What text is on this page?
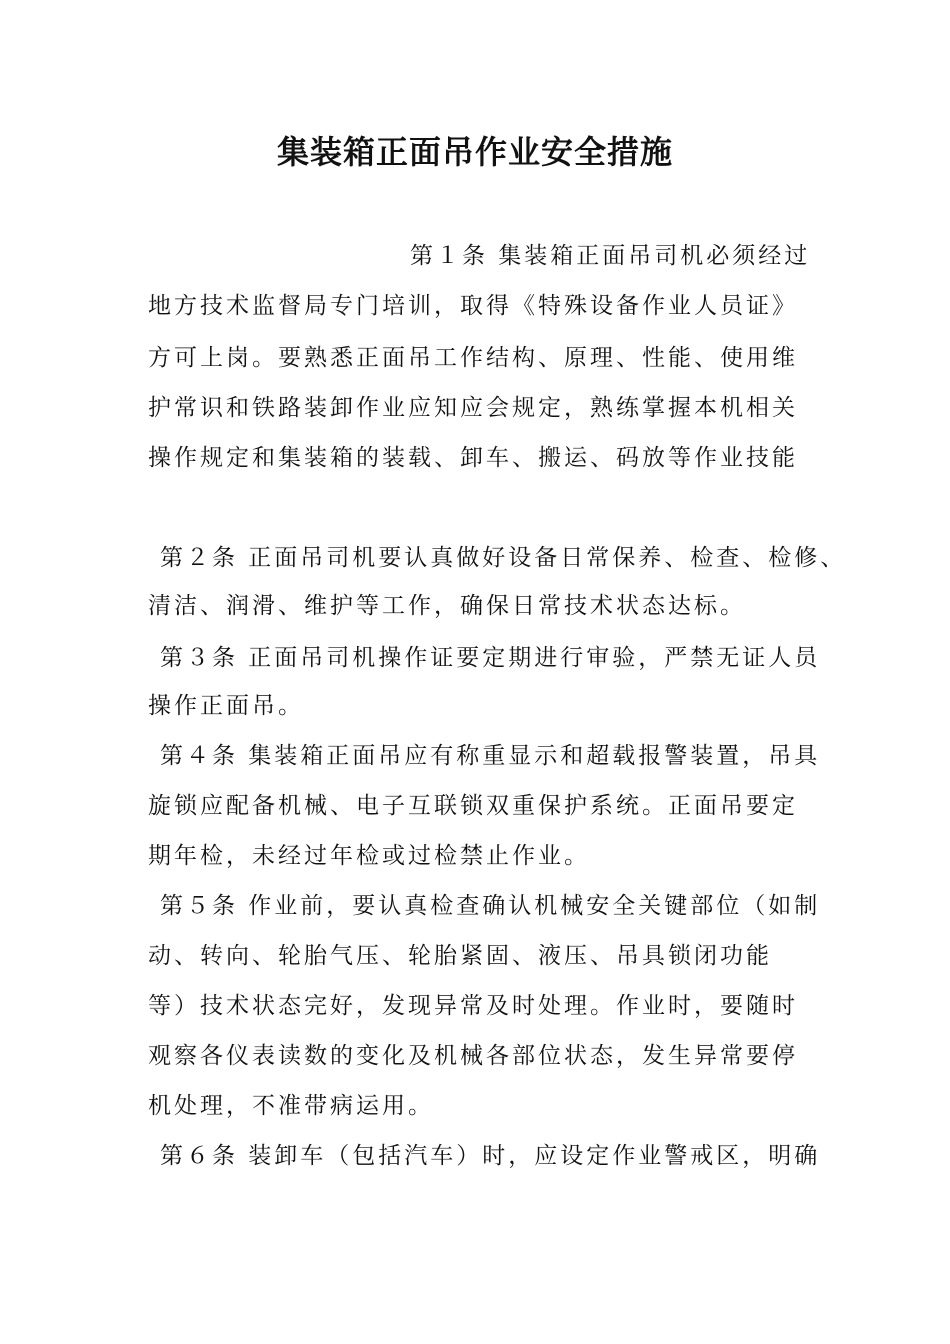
集装箱正面吊作业安全措施
第１条 集装箱正面吊司机必须经过
地方技术监督局专门培训，取得《特殊设备作业人员证》
方可上岗。要熟悉正面吊工作结构、原理、性能、使用维
护常识和铁路装卸作业应知应会规定，熟练掌握本机相关
操作规定和集装箱的装载、卸车、搬运、码放等作业技能
第２条 正面吊司机要认真做好设备日常保养、检查、检修、
清洁、润滑、维护等工作，确保日常技术状态达标。
第３条 正面吊司机操作证要定期进行审验，严禁无证人员
操作正面吊。
第４条 集装箱正面吊应有称重显示和超载报警装置，吊具
旋锁应配备机械、电子互联锁双重保护系统。正面吊要定
期年检，未经过年检或过检禁止作业。
第５条 作业前，要认真检查确认机械安全关键部位（如制
动、转向、轮胎气压、轮胎紧固、液压、吊具锁闭功能
等）技术状态完好，发现异常及时处理。作业时，要随时
观察各仪表读数的变化及机械各部位状态，发生异常要停
机处理，不准带病运用。
第６条 装卸车（包括汽车）时，应设定作业警戒区，明确
